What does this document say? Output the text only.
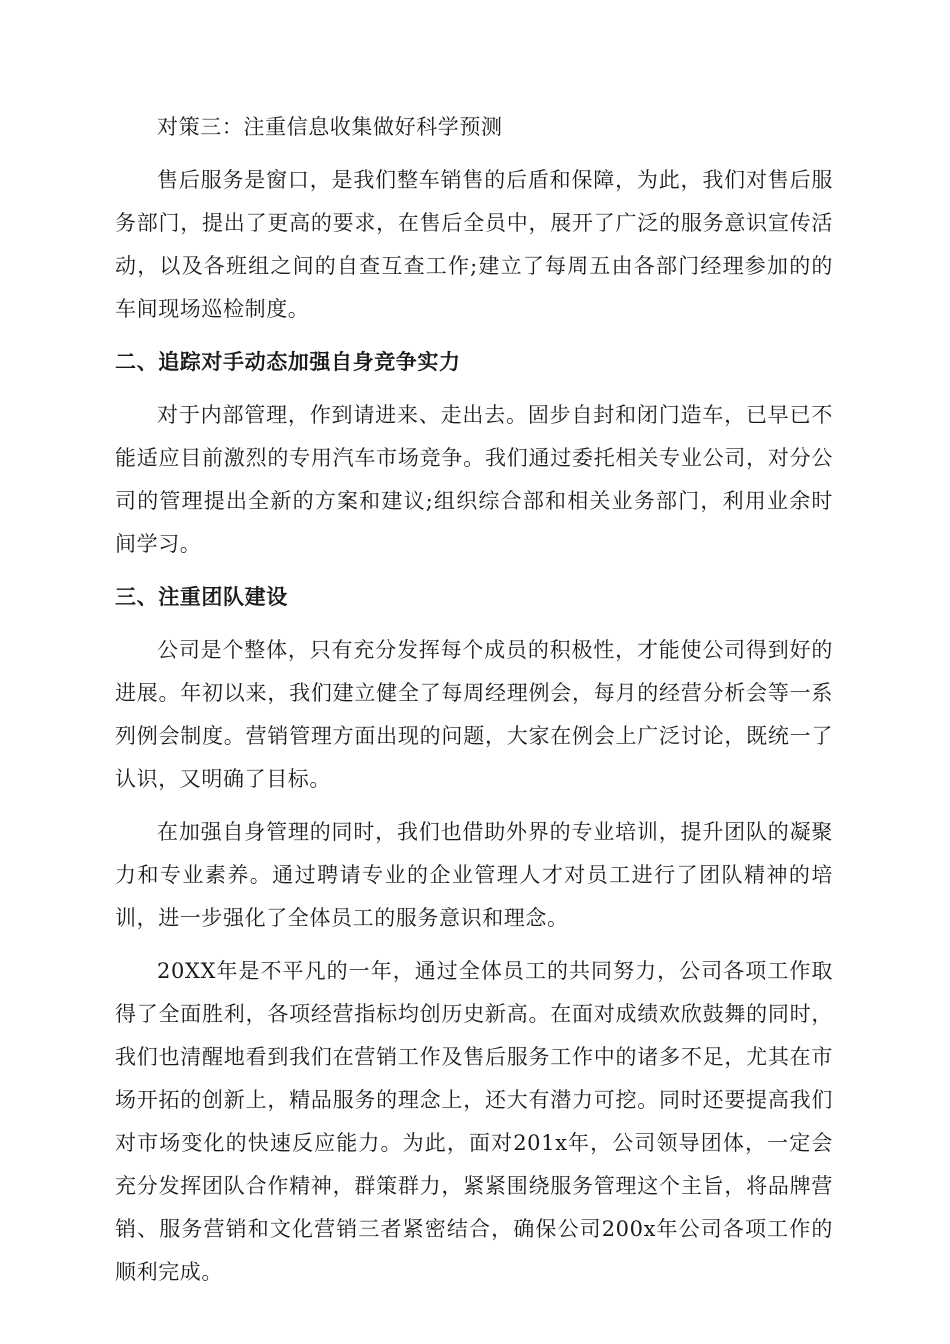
对策三：注重信息收集做好科学预测

售后服务是窗口，是我们整车销售的后盾和保障，为此，我们对售后服务部门，提出了更高的要求，在售后全员中，展开了广泛的服务意识宣传活动，以及各班组之间的自查互查工作;建立了每周五由各部门经理参加的的车间现场巡检制度。

二、追踪对手动态加强自身竞争实力

对于内部管理，作到请进来、走出去。固步自封和闭门造车，已早已不能适应目前激烈的专用汽车市场竞争。我们通过委托相关专业公司，对分公司的管理提出全新的方案和建议;组织综合部和相关业务部门，利用业余时间学习。

三、注重团队建设

公司是个整体，只有充分发挥每个成员的积极性，才能使公司得到好的进展。年初以来，我们建立健全了每周经理例会，每月的经营分析会等一系列例会制度。营销管理方面出现的问题，大家在例会上广泛讨论，既统一了认识，又明确了目标。

在加强自身管理的同时，我们也借助外界的专业培训，提升团队的凝聚力和专业素养。通过聘请专业的企业管理人才对员工进行了团队精神的培训，进一步强化了全体员工的服务意识和理念。

20XX年是不平凡的一年，通过全体员工的共同努力，公司各项工作取得了全面胜利，各项经营指标均创历史新高。在面对成绩欢欣鼓舞的同时，我们也清醒地看到我们在营销工作及售后服务工作中的诸多不足，尤其在市场开拓的创新上，精品服务的理念上，还大有潜力可挖。同时还要提高我们对市场变化的快速反应能力。为此，面对201x年，公司领导团体，一定会充分发挥团队合作精神，群策群力，紧紧围绕服务管理这个主旨，将品牌营销、服务营销和文化营销三者紧密结合，确保公司200x年公司各项工作的顺利完成。
